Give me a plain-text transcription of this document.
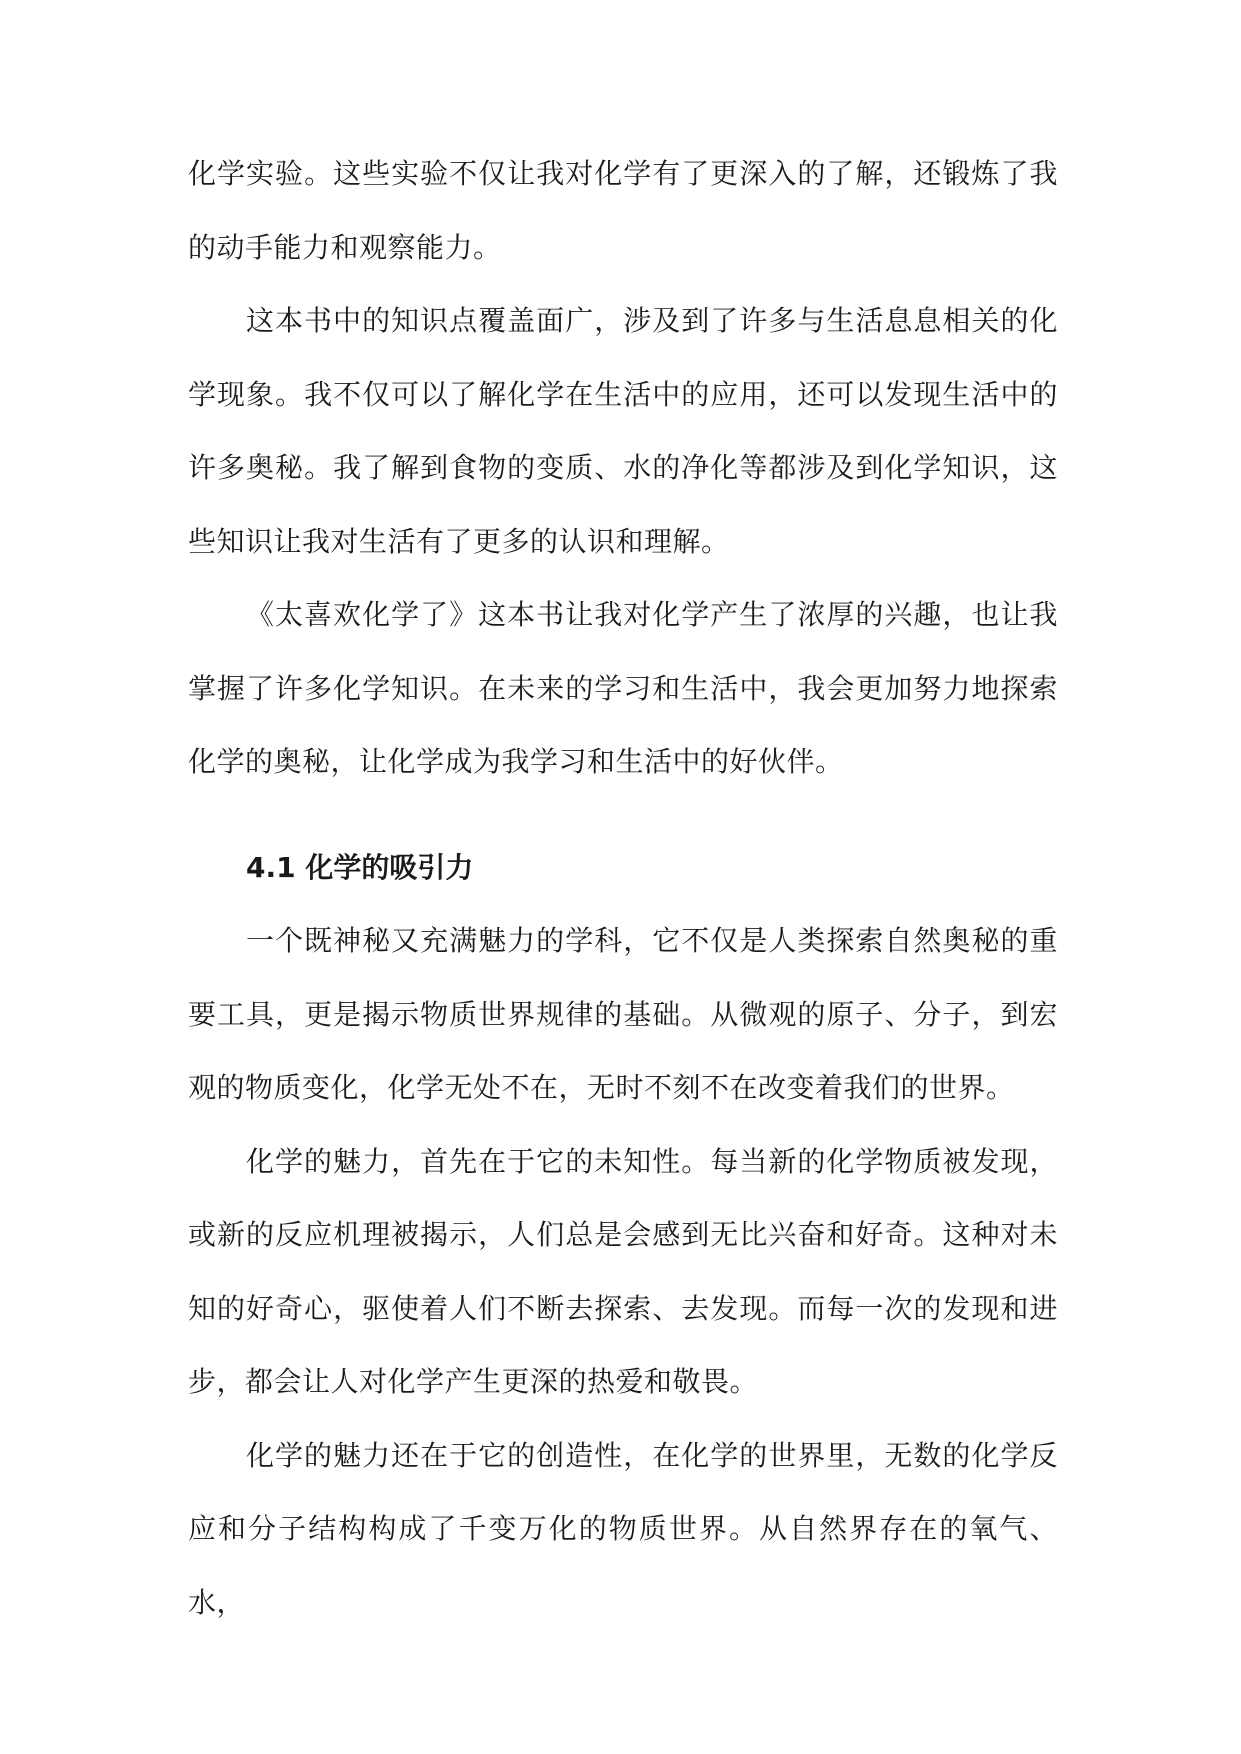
化学实验。这些实验不仅让我对化学有了更深入的了解，还锻炼了我的动手能力和观察能力。

这本书中的知识点覆盖面广，涉及到了许多与生活息息相关的化学现象。我不仅可以了解化学在生活中的应用，还可以发现生活中的许多奥秘。我了解到食物的变质、水的净化等都涉及到化学知识，这些知识让我对生活有了更多的认识和理解。

《太喜欢化学了》这本书让我对化学产生了浓厚的兴趣，也让我掌握了许多化学知识。在未来的学习和生活中，我会更加努力地探索化学的奥秘，让化学成为我学习和生活中的好伙伴。

4.1 化学的吸引力

一个既神秘又充满魅力的学科，它不仅是人类探索自然奥秘的重要工具，更是揭示物质世界规律的基础。从微观的原子、分子，到宏观的物质变化，化学无处不在，无时不刻不在改变着我们的世界。

化学的魅力，首先在于它的未知性。每当新的化学物质被发现，或新的反应机理被揭示，人们总是会感到无比兴奋和好奇。这种对未知的好奇心，驱使着人们不断去探索、去发现。而每一次的发现和进步，都会让人对化学产生更深的热爱和敬畏。

化学的魅力还在于它的创造性，在化学的世界里，无数的化学反应和分子结构构成了千变万化的物质世界。从自然界存在的氧气、水，
